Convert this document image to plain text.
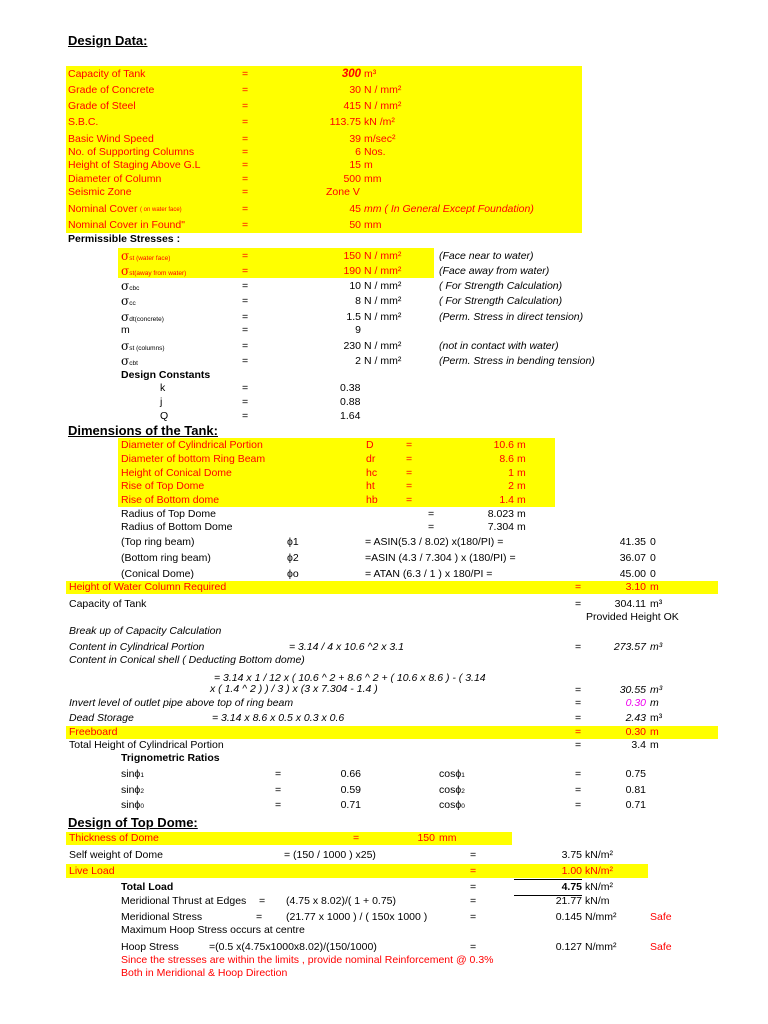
Design Data:
Capacity of Tank	=	300 m³
Grade of Concrete	=	30 N / mm²
Grade of Steel	=	415 N / mm²
S.B.C.	=	113.75 kN /m²
Basic Wind Speed	=	39 m/sec²
No. of Supporting Columns	=	6 Nos.
Height of Staging Above G.L	=	15 m
Diameter of Column	=	500 mm
Seismic Zone	=	Zone V
Nominal Cover ( on water face)	=	45 mm ( In General Except Foundation)
Nominal Cover in Found"	=	50 mm
Permissible Stresses :
σst (water face)	=	150 N / mm²	(Face near to water)
σst(away from water)	=	190 N / mm²	(Face away from water)
σcbc	=	10 N / mm²	( For Strength Calculation)
σcc	=	8 N / mm²	( For Strength Calculation)
σdt(concrete)	=	1.5 N / mm²	(Perm. Stress in direct tension)
m	=	9
σst (columns)	=	230 N / mm²	(not in contact with water)
σcbt	=	2 N / mm²	(Perm. Stress in bending tension)
Design Constants
k	=	0.38
j	=	0.88
Q	=	1.64
Dimensions of the Tank:
Diameter of Cylindrical Portion	D	=	10.6 m
Diameter of bottom Ring Beam	dr	=	8.6 m
Height of Conical Dome	hc	=	1 m
Rise of Top Dome	ht	=	2 m
Rise of Bottom dome	hb	=	1.4 m
Radius of Top Dome	=	8.023 m
Radius of Bottom Dome	=	7.304 m
(Top ring beam)	ϕ1	= ASIN(5.3 / 8.02) x(180/PI) =	41.35 0
(Bottom ring beam)	ϕ2	=ASIN (4.3 / 7.304 ) x (180/PI) =	36.07 0
(Conical Dome)	ϕo	= ATAN (6.3 / 1 ) x 180/PI =	45.00 0
Height of Water Column Required	=	3.10 m
Capacity of Tank	=	304.11 m³
Provided Height OK
Break up of Capacity Calculation
Content in Cylindrical Portion	= 3.14 / 4 x 10.6 ^2 x 3.1	=	273.57 m³
Content in Conical shell ( Deducting Bottom dome)
= 3.14 x 1 / 12 x ( 10.6 ^ 2 + 8.6 ^ 2 + ( 10.6 x 8.6 ) - ( 3.14
x ( 1.4 ^ 2 ) ) / 3 ) x (3 x 7.304 - 1.4 )	=	30.55 m³
Invert level of outlet pipe above top of ring beam	=	0.30 m
Dead Storage	= 3.14 x 8.6 x 0.5 x 0.3 x 0.6	=	2.43 m³
Freeboard	=	0.30 m
Total Height of Cylindrical Portion	=	3.4 m
Trignometric Ratios
sinϕ1	=	0.66	cosϕ1	=	0.75
sinϕ2	=	0.59	cosϕ2	=	0.81
sinϕ0	=	0.71	cosϕ0	=	0.71
Design of Top Dome:
Thickness of Dome	=	150 mm
Self weight of Dome	= (150 / 1000 ) x25)	=	3.75 kN/m²
Live Load	=	1.00 kN/m²
Total Load	=	4.75 kN/m²
Meridional Thrust at Edges = (4.75 x 8.02)/( 1 + 0.75)	=	21.77 kN/m
Meridional Stress	= (21.77 x 1000 ) / ( 150x 1000 )	=	0.145 N/mm²	Safe
Maximum Hoop Stress occurs at centre
Hoop Stress	=(0.5 x(4.75x1000x8.02)/(150/1000)	=	0.127 N/mm²	Safe
Since the stresses are within the limits , provide nominal Reinforcement @ 0.3%
Both in Meridional & Hoop Direction
